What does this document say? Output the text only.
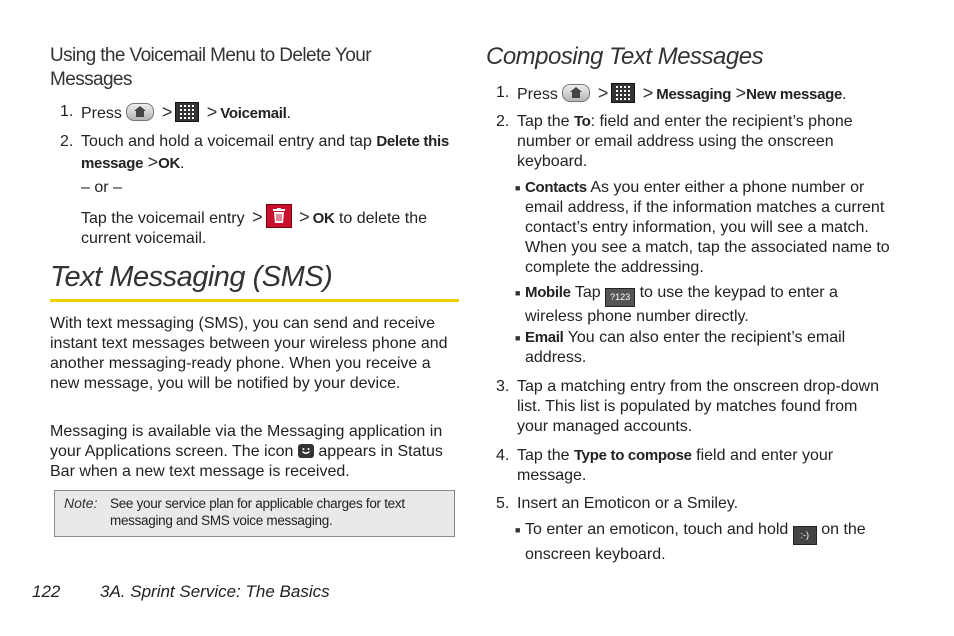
Using the Voicemail Menu to Delete Your Messages
1. Press > > Voicemail.
2. Touch and hold a voicemail entry and tap Delete this message >OK.
– or –
Tap the voicemail entry > > OK to delete the current voicemail.
Text Messaging (SMS)
With text messaging (SMS), you can send and receive instant text messages between your wireless phone and another messaging-ready phone. When you receive a new message, you will be notified by your device.
Messaging is available via the Messaging application in your Applications screen. The icon appears in Status Bar when a new text message is received.
Note: See your service plan for applicable charges for text messaging and SMS voice messaging.
Composing Text Messages
1. Press > > Messaging >New message.
2. Tap the To: field and enter the recipient’s phone number or email address using the onscreen keyboard.
■ Contacts As you enter either a phone number or email address, if the information matches a current contact’s entry information, you will see a match. When you see a match, tap the associated name to complete the addressing.
■ Mobile Tap ?123 to use the keypad to enter a wireless phone number directly.
■ Email You can also enter the recipient’s email address.
3. Tap a matching entry from the onscreen drop-down list. This list is populated by matches found from your managed accounts.
4. Tap the Type to compose field and enter your message.
5. Insert an Emoticon or a Smiley.
■ To enter an emoticon, touch and hold :-) on the onscreen keyboard.
122 3A. Sprint Service: The Basics
